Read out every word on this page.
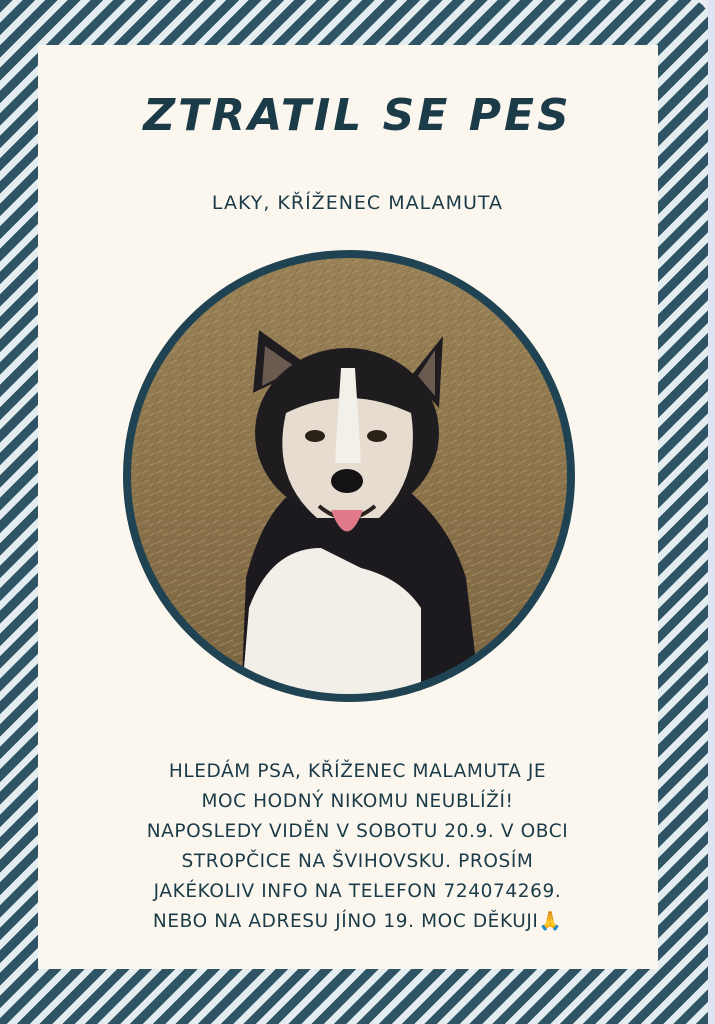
ZTRATIL SE PES
LAKY, KŘÍŽENEC MALAMUTA
HLEDÁM PSA, KŘÍŽENEC MALAMUTA JE
MOC HODNÝ NIKOMU NEUBLÍŽÍ!
NAPOSLEDY VIDĚN V SOBOTU 20.9. V OBCI
STROPČICE NA ŠVIHOVSKU. PROSÍM
JAKÉKOLIV INFO NA TELEFON 724074269.
NEBO NA ADRESU JÍNO 19. MOC DĚKUJI🙏
